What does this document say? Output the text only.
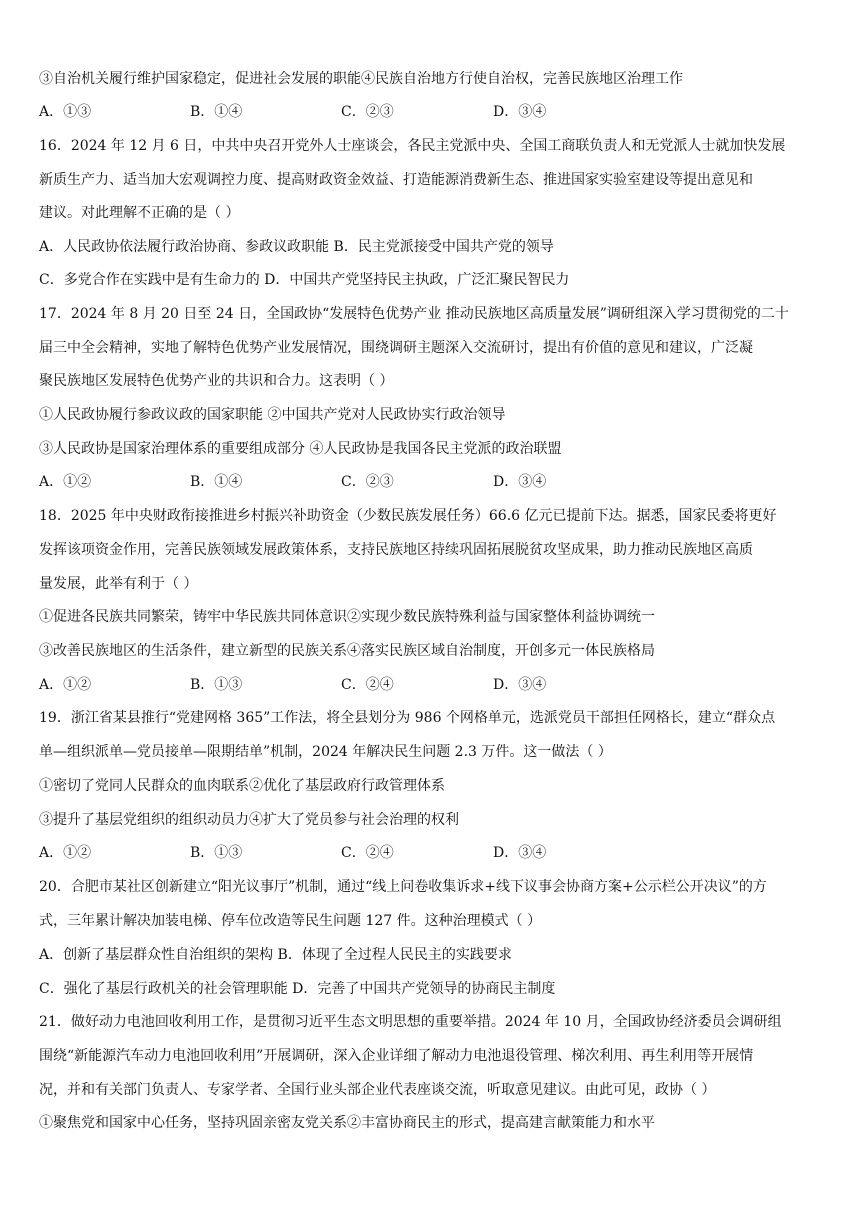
③自治机关履行维护国家稳定，促进社会发展的职能④民族自治地方行使自治权，完善民族地区治理工作
A．①③	B．①④	C．②③	D．③④
16．2024 年 12 月 6 日，中共中央召开党外人士座谈会，各民主党派中央、全国工商联负责人和无党派人士就加快发展
新质生产力、适当加大宏观调控力度、提高财政资金效益、打造能源消费新生态、推进国家实验室建设等提出意见和
建议。对此理解不正确的是（ ）
A．人民政协依法履行政治协商、参政议政职能 B．民主党派接受中国共产党的领导
C．多党合作在实践中是有生命力的 D．中国共产党坚持民主执政，广泛汇聚民智民力
17．2024 年 8 月 20 日至 24 日，全国政协“发展特色优势产业 推动民族地区高质量发展”调研组深入学习贯彻党的二十
届三中全会精神，实地了解特色优势产业发展情况，围绕调研主题深入交流研讨，提出有价值的意见和建议，广泛凝
聚民族地区发展特色优势产业的共识和合力。这表明（ ）
①人民政协履行参政议政的国家职能 ②中国共产党对人民政协实行政治领导
③人民政协是国家治理体系的重要组成部分 ④人民政协是我国各民主党派的政治联盟
A．①②	B．①④	C．②③	D．③④
18．2025 年中央财政衔接推进乡村振兴补助资金（少数民族发展任务）66.6 亿元已提前下达。据悉，国家民委将更好
发挥该项资金作用，完善民族领域发展政策体系，支持民族地区持续巩固拓展脱贫攻坚成果，助力推动民族地区高质
量发展，此举有利于（ ）
①促进各民族共同繁荣，铸牢中华民族共同体意识②实现少数民族特殊利益与国家整体利益协调统一
③改善民族地区的生活条件，建立新型的民族关系④落实民族区域自治制度，开创多元一体民族格局
A．①②	B．①③	C．②④	D．③④
19．浙江省某县推行“党建网格 365”工作法，将全县划分为 986 个网格单元，选派党员干部担任网格长，建立“群众点
单—组织派单—党员接单—限期结单”机制，2024 年解决民生问题 2.3 万件。这一做法（ ）
①密切了党同人民群众的血肉联系②优化了基层政府行政管理体系
③提升了基层党组织的组织动员力④扩大了党员参与社会治理的权利
A．①②	B．①③	C．②④	D．③④
20．合肥市某社区创新建立“阳光议事厅”机制，通过“线上问卷收集诉求+线下议事会协商方案+公示栏公开决议”的方
式，三年累计解决加装电梯、停车位改造等民生问题 127 件。这种治理模式（ ）
A．创新了基层群众性自治组织的架构 B．体现了全过程人民民主的实践要求
C．强化了基层行政机关的社会管理职能 D．完善了中国共产党领导的协商民主制度
21．做好动力电池回收利用工作，是贯彻习近平生态文明思想的重要举措。2024 年 10 月，全国政协经济委员会调研组
围绕“新能源汽车动力电池回收利用”开展调研，深入企业详细了解动力电池退役管理、梯次利用、再生利用等开展情
况，并和有关部门负责人、专家学者、全国行业头部企业代表座谈交流，听取意见建议。由此可见，政协（ ）
①聚焦党和国家中心任务，坚持巩固亲密友党关系②丰富协商民主的形式，提高建言献策能力和水平
